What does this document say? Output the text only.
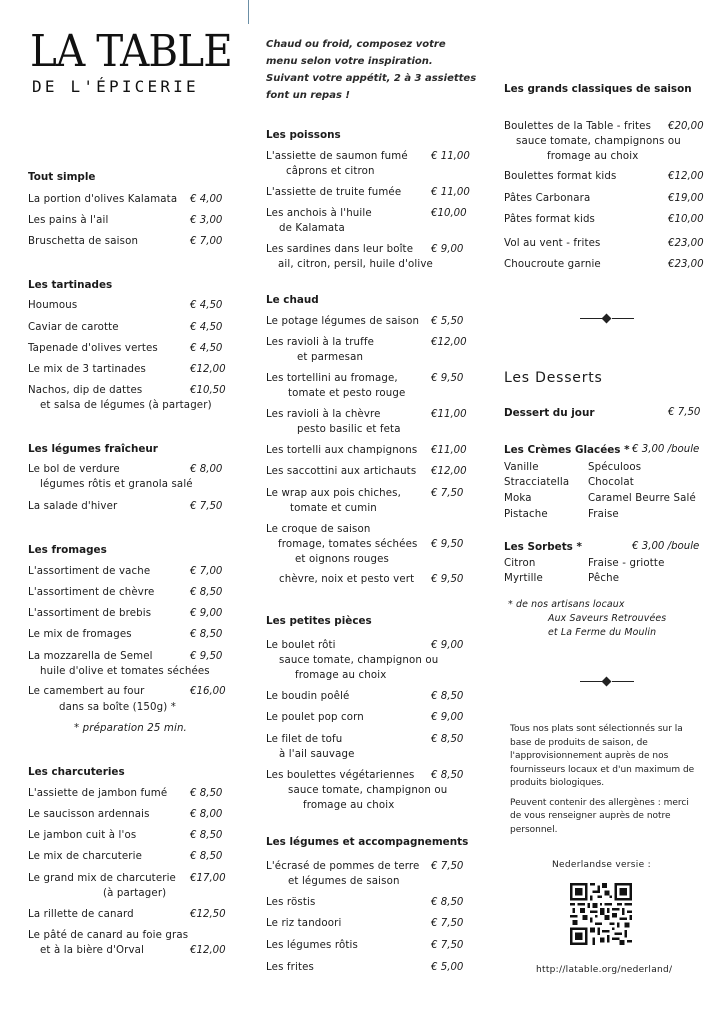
LA TABLE
DE L'ÉPICERIE
Chaud ou froid, composez votre
menu selon votre inspiration.
Suivant votre appétit, 2 à 3 assiettes
font un repas !
Tout simple
La portion d'olives Kalamata € 4,00
Les pains à l'ail	€ 3,00
Bruschetta de saison	€ 7,00
Les tartinades
Houmous	€ 4,50
Caviar de carotte	€ 4,50
Tapenade d'olives vertes	€ 4,50
Le mix de 3 tartinades	€12,00
Nachos, dip de dattes	€10,50
et salsa de légumes (à partager)
Les légumes fraîcheur
Le bol de verdure	€ 8,00
légumes rôtis et granola salé
La salade d'hiver	€ 7,50
Les fromages
L'assortiment de vache	€ 7,00
L'assortiment de chèvre	€ 8,50
L'assortiment de brebis	€ 9,00
Le mix de fromages	€ 8,50
La mozzarella de Semel	€ 9,50
huile d'olive et tomates séchées
Le camembert au four	€16,00
dans sa boîte (150g) *
* préparation 25 min.
Les charcuteries
L'assiette de jambon fumé € 8,50
Le saucisson ardennais	€ 8,00
Le jambon cuit à l'os	€ 8,50
Le mix de charcuterie	€ 8,50
Le grand mix de charcuterie €17,00
(à partager)
La rillette de canard	€12,50
Le pâté de canard au foie gras
et à la bière d'Orval	€12,00
Les poissons
L'assiette de saumon fumé € 11,00
câprons et citron
L'assiette de truite fumée	€ 11,00
Les anchois à l'huile	€10,00
de Kalamata
Les sardines dans leur boîte € 9,00
ail, citron, persil, huile d'olive
Le chaud
Le potage légumes de saison € 5,50
Les ravioli à la truffe	€12,00
et parmesan
Les tortellini au fromage,	€ 9,50
tomate et pesto rouge
Les ravioli à la chèvre	€11,00
pesto basilic et feta
Les tortelli aux champignons €11,00
Les saccottini aux artichauts €12,00
Le wrap aux pois chiches,	€ 7,50
tomate et cumin
Le croque de saison
fromage, tomates séchées € 9,50
et oignons rouges
chèvre, noix et pesto vert € 9,50
Les petites pièces
Le boulet rôti	€ 9,00
sauce tomate, champignon ou
fromage au choix
Le boudin poêlé	€ 8,50
Le poulet pop corn	€ 9,00
Le filet de tofu	€ 8,50
à l'ail sauvage
Les boulettes végétariennes € 8,50
sauce tomate, champignon ou
fromage au choix
Les légumes et accompagnements
L'écrasé de pommes de terre € 7,50
et légumes de saison
Les röstis	€ 8,50
Le riz tandoori	€ 7,50
Les légumes rôtis	€ 7,50
Les frites	€ 5,00
Les grands classiques de saison
Boulettes de la Table - frites €20,00
sauce tomate, champignons ou
fromage au choix
Boulettes format kids	€12,00
Pâtes Carbonara	€19,00
Pâtes format kids	€10,00
Vol au vent - frites	€23,00
Choucroute garnie	€23,00
Les Desserts
Dessert du jour	€ 7,50
Les Crèmes Glacées * € 3,00 /boule
Vanille	Spéculoos
Stracciatella Chocolat
Moka	Caramel Beurre Salé
Pistache	Fraise
Les Sorbets *	€ 3,00 /boule
Citron	Fraise - griotte
Myrtille	Pêche
* de nos artisans locaux
Aux Saveurs Retrouvées
et La Ferme du Moulin

Tous nos plats sont sélectionnés sur la base de produits de saison, de l'approvisionnement auprès de nos fournisseurs locaux et d'un maximum de produits biologiques.

Peuvent contenir des allergènes : merci de vous renseigner auprès de notre personnel.

Nederlandse versie :
http://latable.org/nederland/
